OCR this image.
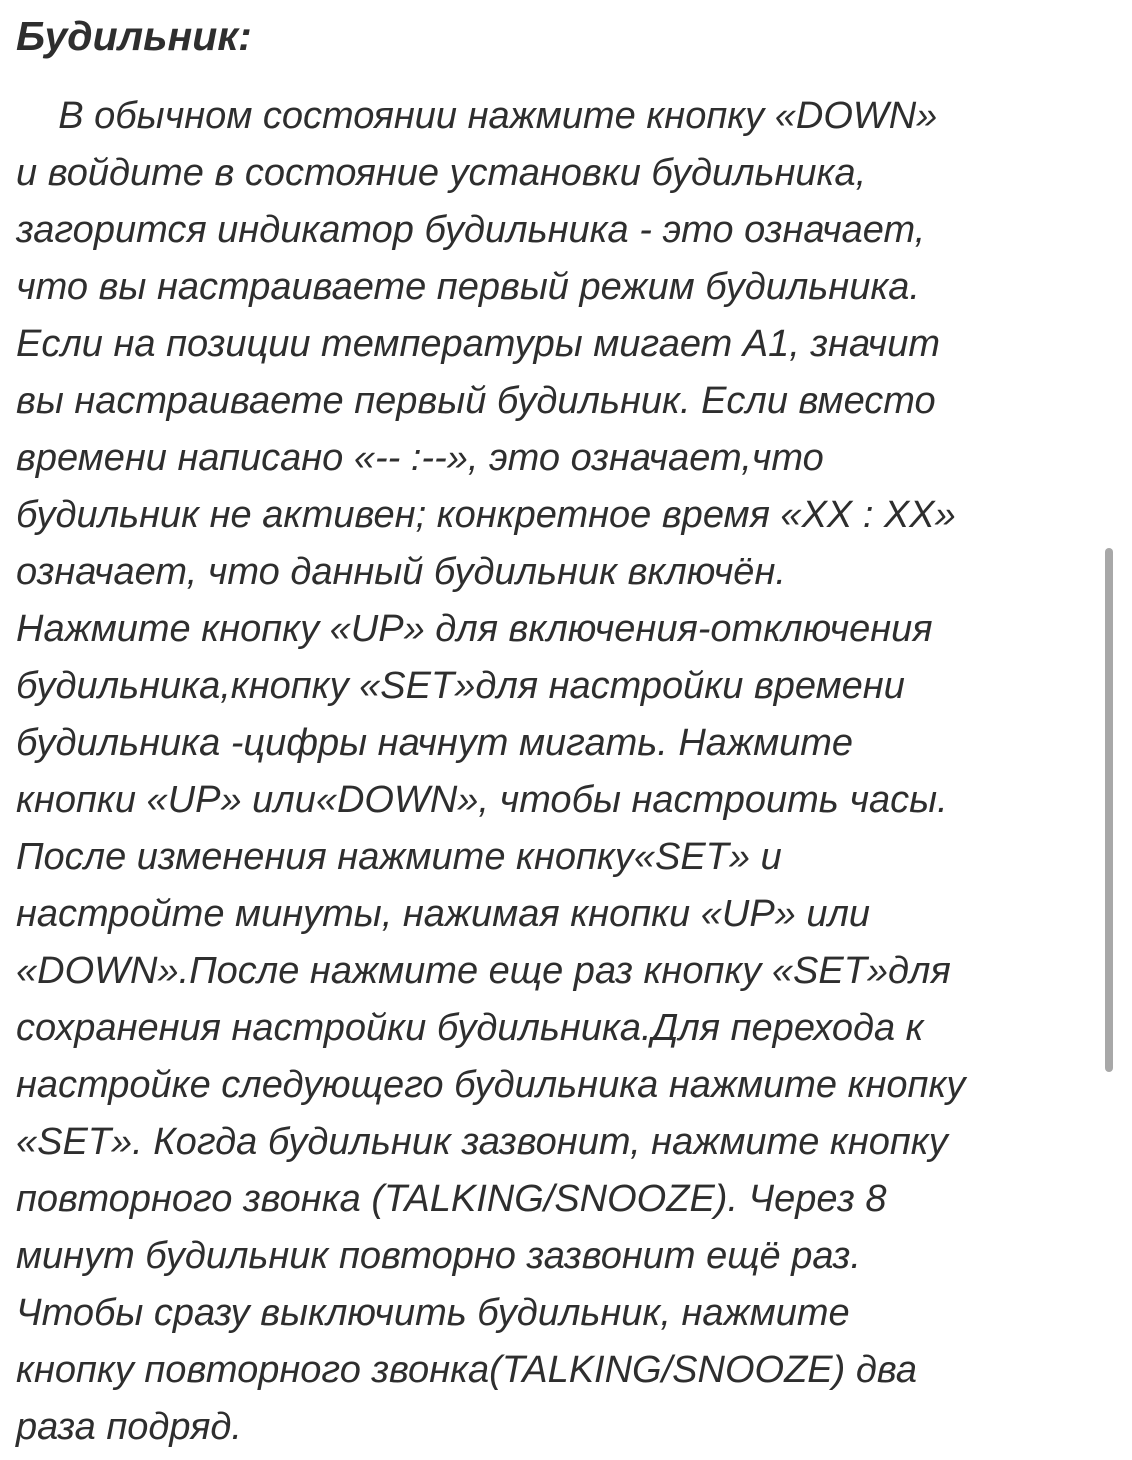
Будильник:
В обычном состоянии нажмите кнопку «DOWN»
и войдите в состояние установки будильника,
загорится индикатор будильника - это означает,
что вы настраиваете первый режим будильника.
Если на позиции температуры мигает А1, значит
вы настраиваете первый будильник. Если вместо
времени написано «-- :--», это означает,что
будильник не активен; конкретное время «XX : XX»
означает, что данный будильник включён.
Нажмите кнопку «UP» для включения-отключения
будильника,кнопку «SET»для настройки времени
будильника -цифры начнут мигать. Нажмите
кнопки «UP» или«DOWN», чтобы настроить часы.
После изменения нажмите кнопку«SET» и
настройте минуты, нажимая кнопки «UP» или
«DOWN».После нажмите еще раз кнопку «SET»для
сохранения настройки будильника.Для перехода к
настройке следующего будильника нажмите кнопку
«SET». Когда будильник зазвонит, нажмите кнопку
повторного звонка (TALKING/SNOOZE). Через 8
минут будильник повторно зазвонит ещё раз.
Чтобы сразу выключить будильник, нажмите
кнопку повторного звонка(TALKING/SNOOZE) два
раза подряд.
